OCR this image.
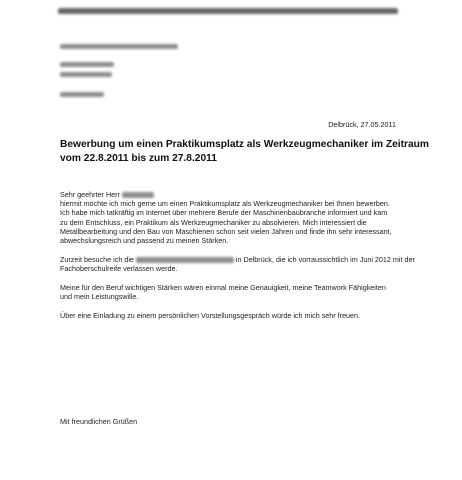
Delbrück, 27.05.2011
Bewerbung um einen Praktikumsplatz als Werkzeugmechaniker im Zeitraum
vom 22.8.2011 bis zum 27.8.2011
Sehr geehrter Herr
hiermit möchte ich mich gerne um einen Praktikumsplatz als Werkzeugmechaniker bei Ihnen bewerben.
Ich habe mich tatkräftig im Internet über mehrere Berufe der Maschinenbaubranche informiert und kam
zu dem Entschluss, ein Praktikum als Werkzeugmechaniker zu absolvieren. Mich interessiert die
Metallbearbeitung und den Bau von Maschienen schon seit vielen Jahren und finde ihn sehr interessant,
abwechslungsreich und passend zu meinen Stärken.
Zurzeit besuche ich die	in Delbrück, die ich vorraussichtlich im Juni 2012 mit der
Fachoberschulreife verlassen werde.
Meine für den Beruf wichtigen Stärken wären einmal meine Genauigkeit, meine Teamwork Fähigkeiten
und mein Leistungswille.
Über eine Einladung zu einem persönlichen Vorstellungsgespräch würde ich mich sehr freuen.
Mit freundlichen Grüßen
